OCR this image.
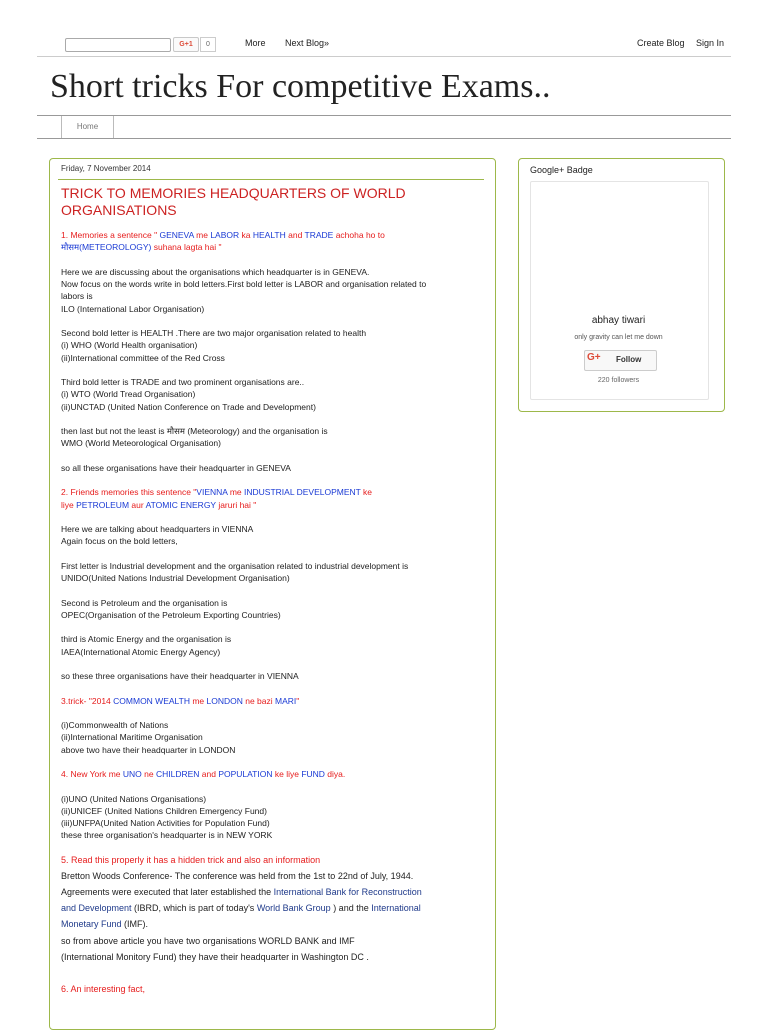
G+1	0	More Next Blog»	Create Blog Sign In
Short tricks For competitive Exams..
Home
Friday, 7 November 2014
TRICK TO MEMORIES HEADQUARTERS OF WORLD ORGANISATIONS
1. Memories a sentence " GENEVA me LABOR ka HEALTH and TRADE achoha ho to
मौसम(METEOROLOGY) suhana lagta hai "
Here we are discussing about the organisations which headquarter is in GENEVA.
Now focus on the words write in bold letters.First bold letter is LABOR and organisation related to
labors is
ILO (International Labor Organisation)
Second bold letter is HEALTH .There are two major organisation related to health
(i) WHO (World Health organisation)
(ii)International committee of the Red Cross
Third bold letter is TRADE and two prominent organisations are..
(i) WTO (World Tread Organisation)
(ii)UNCTAD (United Nation Conference on Trade and Development)
then last but not the least is मौसम (Meteorology) and the organisation is
WMO (World Meteorological Organisation)
so all these organisations have their headquarter in GENEVA
2. Friends memories this sentence "VIENNA me INDUSTRIAL DEVELOPMENT ke
liye PETROLEUM aur ATOMIC ENERGY jaruri hai "
Here we are talking about headquarters in VIENNA
Again focus on the bold letters,
First letter is Industrial development and the organisation related to industrial development is
UNIDO(United Nations Industrial Development Organisation)
Second is Petroleum and the organisation is
OPEC(Organisation of the Petroleum Exporting Countries)
third is Atomic Energy and the organisation is
IAEA(International Atomic Energy Agency)
so these three organisations have their headquarter in VIENNA
3.trick- "2014 COMMON WEALTH me LONDON ne bazi MARI"
(i)Commonwealth of Nations
(ii)International Maritime Organisation
above two have their headquarter in LONDON
4. New York me UNO ne CHILDREN and POPULATION ke liye FUND diya.
(i)UNO (United Nations Organisations)
(ii)UNICEF (United Nations Children Emergency Fund)
(iii)UNFPA(United Nation Activities for Population Fund)
these three organisation's headquarter is in NEW YORK
5. Read this properly it has a hidden trick and also an information
Bretton Woods Conference- The conference was held from the 1st to 22nd of July, 1944.
Agreements were executed that later established the International Bank for Reconstruction
and Development (IBRD, which is part of today's World Bank Group ) and the International
Monetary Fund (IMF).
so from above article you have two organisations WORLD BANK and IMF
(International Monitory Fund) they have their headquarter in Washington DC .
6. An interesting fact,
Google+ Badge
abhay tiwari
only gravity can let me down
G+ Follow
220 followers
